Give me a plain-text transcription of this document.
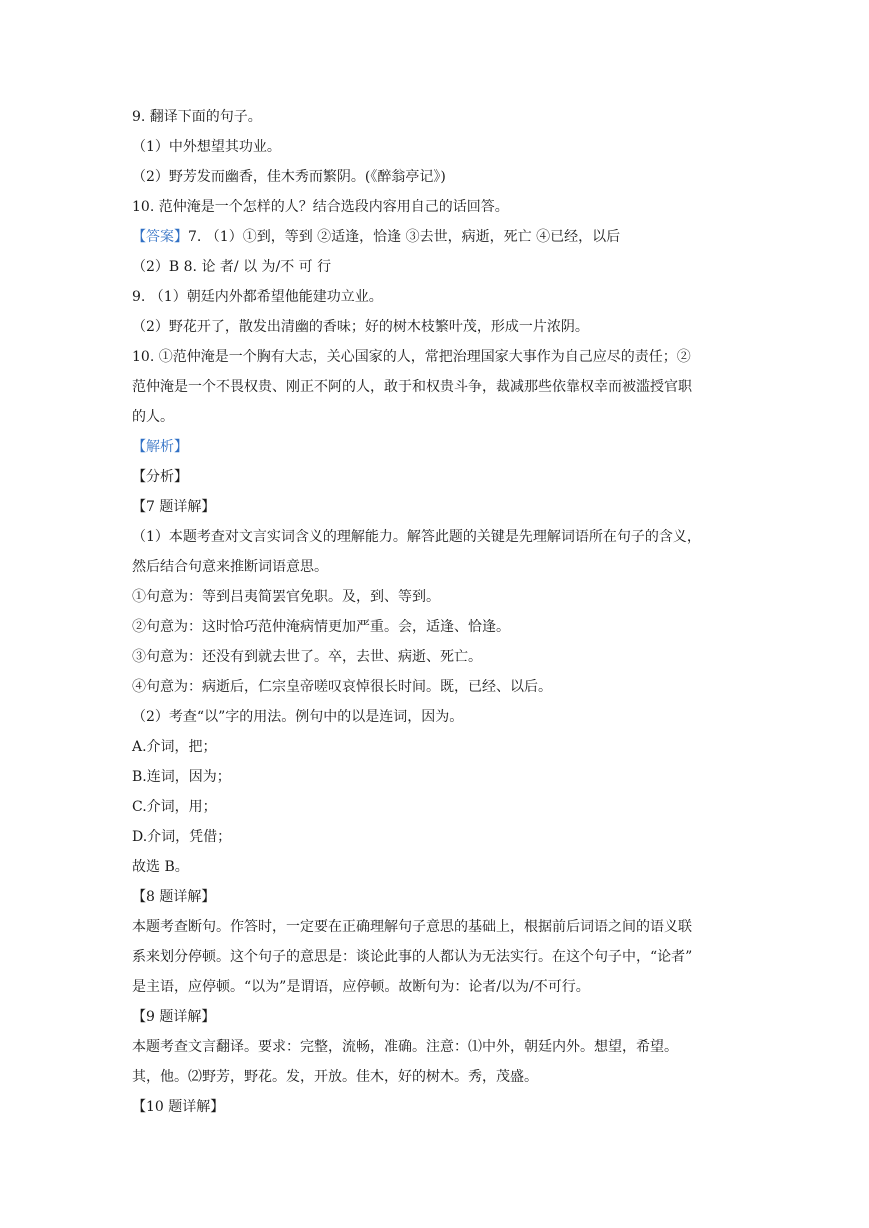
9. 翻译下面的句子。
（1）中外想望其功业。
（2）野芳发而幽香，佳木秀而繁阴。(《醉翁亭记》)
10. 范仲淹是一个怎样的人？结合选段内容用自己的话回答。
【答案】7. （1）①到，等到 ②适逢，恰逢 ③去世，病逝，死亡 ④已经，以后
（2）B 8. 论 者/ 以 为/不 可 行
9. （1）朝廷内外都希望他能建功立业。
（2）野花开了，散发出清幽的香味；好的树木枝繁叶茂，形成一片浓阴。
10. ①范仲淹是一个胸有大志，关心国家的人，常把治理国家大事作为自己应尽的责任；②
范仲淹是一个不畏权贵、刚正不阿的人，敢于和权贵斗争，裁减那些依靠权幸而被滥授官职
的人。
【解析】
【分析】
【7 题详解】
（1）本题考查对文言实词含义的理解能力。解答此题的关键是先理解词语所在句子的含义，
然后结合句意来推断词语意思。
①句意为：等到吕夷简罢官免职。及，到、等到。
②句意为：这时恰巧范仲淹病情更加严重。会，适逢、恰逢。
③句意为：还没有到就去世了。卒，去世、病逝、死亡。
④句意为：病逝后，仁宗皇帝嗟叹哀悼很长时间。既，已经、以后。
（2）考查“以”字的用法。例句中的以是连词，因为。
A.介词，把；
B.连词，因为；
C.介词，用；
D.介词，凭借；
故选 B。
【8 题详解】
本题考查断句。作答时，一定要在正确理解句子意思的基础上，根据前后词语之间的语义联
系来划分停顿。这个句子的意思是：谈论此事的人都认为无法实行。在这个句子中，“论者”
是主语，应停顿。“以为”是谓语，应停顿。故断句为：论者/以为/不可行。
【9 题详解】
本题考查文言翻译。要求：完整，流畅，准确。注意：⑴中外，朝廷内外。想望，希望。
其，他。⑵野芳，野花。发，开放。佳木，好的树木。秀，茂盛。
【10 题详解】
